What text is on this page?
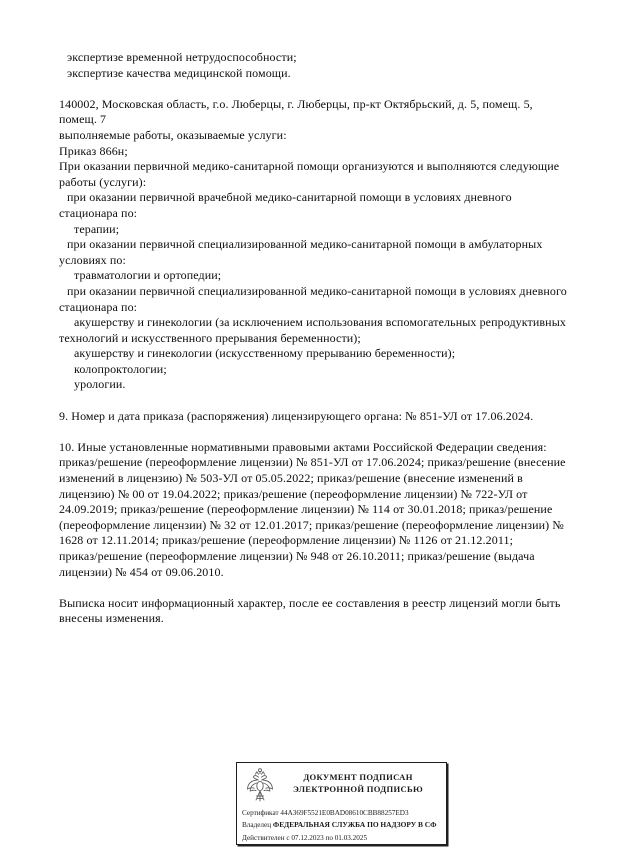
экспертизе временной нетрудоспособности;
экспертизе качества медицинской помощи.
140002, Московская область, г.о. Люберцы, г. Люберцы, пр-кт Октябрьский, д. 5, помещ. 5,
помещ. 7
выполняемые работы, оказываемые услуги:
Приказ 866н;
При оказании первичной медико-санитарной помощи организуются и выполняются следующие
работы (услуги):
при оказании первичной врачебной медико-санитарной помощи в условиях дневного
стационара по:
терапии;
при оказании первичной специализированной медико-санитарной помощи в амбулаторных
условиях по:
травматологии и ортопедии;
при оказании первичной специализированной медико-санитарной помощи в условиях дневного
стационара по:
акушерству и гинекологии (за исключением использования вспомогательных репродуктивных
технологий и искусственного прерывания беременности);
акушерству и гинекологии (искусственному прерыванию беременности);
колопроктологии;
урологии.
9. Номер и дата приказа (распоряжения) лицензирующего органа: № 851-УЛ от 17.06.2024.
10. Иные установленные нормативными правовыми актами Российской Федерации сведения:
приказ/решение (переоформление лицензии) № 851-УЛ от 17.06.2024; приказ/решение (внесение
изменений в лицензию) № 503-УЛ от 05.05.2022; приказ/решение (внесение изменений в
лицензию) № 00 от 19.04.2022; приказ/решение (переоформление лицензии) № 722-УЛ от
24.09.2019; приказ/решение (переоформление лицензии) № 114 от 30.01.2018; приказ/решение
(переоформление лицензии) № 32 от 12.01.2017; приказ/решение (переоформление лицензии) №
1628 от 12.11.2014; приказ/решение (переоформление лицензии) № 1126 от 21.12.2011;
приказ/решение (переоформление лицензии) № 948 от 26.10.2011; приказ/решение (выдача
лицензии) № 454 от 09.06.2010.
Выписка носит информационный характер, после ее составления в реестр лицензий могли быть
внесены изменения.
ДОКУМЕНТ ПОДПИСАН
ЭЛЕКТРОННОЙ ПОДПИСЬЮ
Сертификат 44A369F5521E0BAD08610CBB88257ED3
Владелец ФЕДЕРАЛЬНАЯ СЛУЖБА ПО НАДЗОРУ В СФ
Действителен с 07.12.2023 по 01.03.2025
